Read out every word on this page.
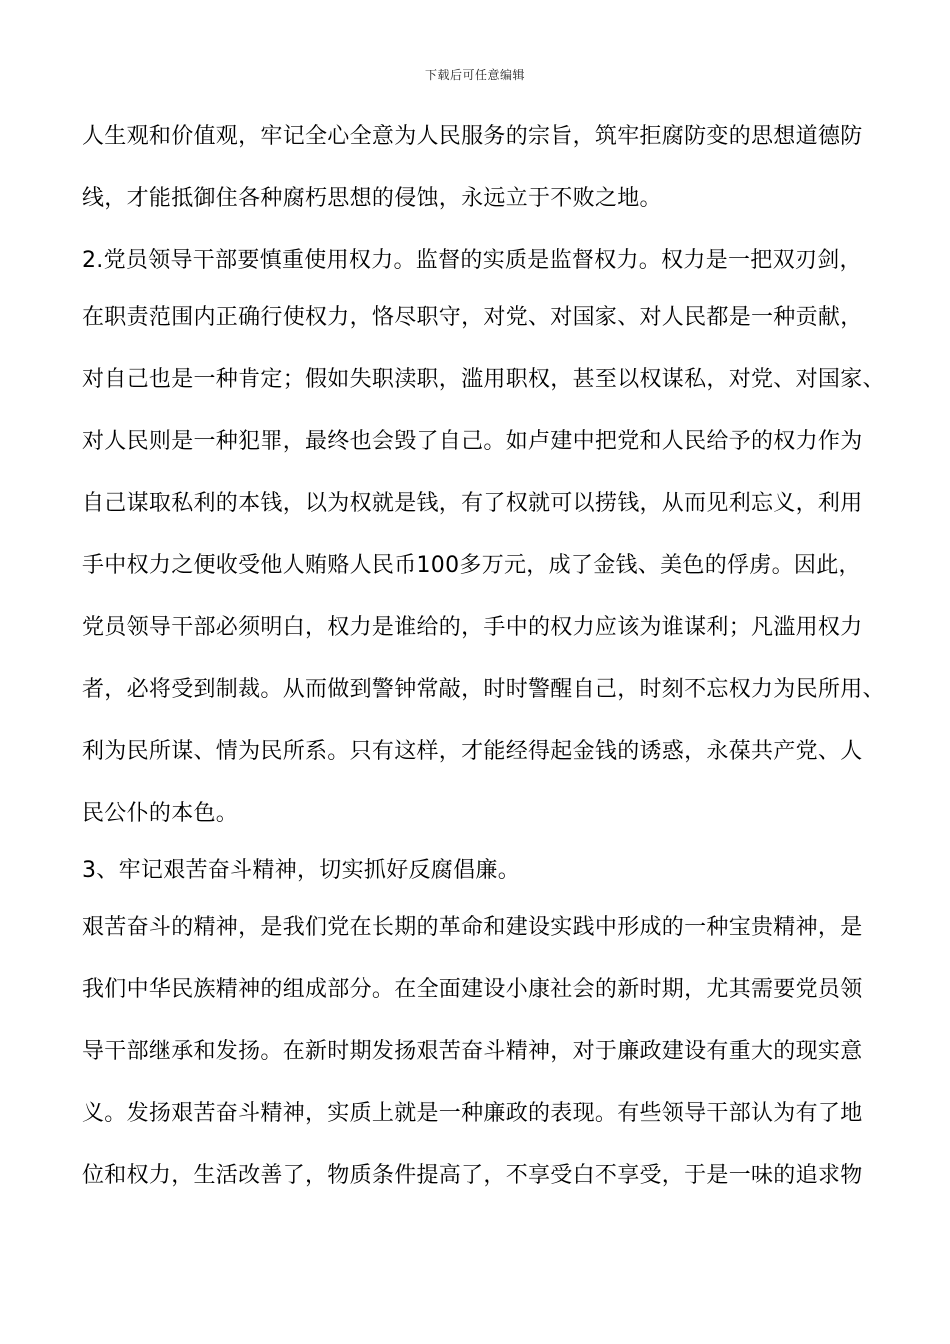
下载后可任意编辑
人生观和价值观，牢记全心全意为人民服务的宗旨，筑牢拒腐防变的思想道德防
线，才能抵御住各种腐朽思想的侵蚀，永远立于不败之地。
2.党员领导干部要慎重使用权力。监督的实质是监督权力。权力是一把双刃剑，
在职责范围内正确行使权力，恪尽职守，对党、对国家、对人民都是一种贡献，
对自己也是一种肯定；假如失职渎职，滥用职权，甚至以权谋私，对党、对国家、
对人民则是一种犯罪，最终也会毁了自己。如卢建中把党和人民给予的权力作为
自己谋取私利的本钱，以为权就是钱，有了权就可以捞钱，从而见利忘义，利用
手中权力之便收受他人贿赂人民币100多万元，成了金钱、美色的俘虏。因此，
党员领导干部必须明白，权力是谁给的，手中的权力应该为谁谋利；凡滥用权力
者，必将受到制裁。从而做到警钟常敲，时时警醒自己，时刻不忘权力为民所用、
利为民所谋、情为民所系。只有这样，才能经得起金钱的诱惑，永葆共产党、人
民公仆的本色。
3、牢记艰苦奋斗精神，切实抓好反腐倡廉。
艰苦奋斗的精神，是我们党在长期的革命和建设实践中形成的一种宝贵精神，是
我们中华民族精神的组成部分。在全面建设小康社会的新时期，尤其需要党员领
导干部继承和发扬。在新时期发扬艰苦奋斗精神，对于廉政建设有重大的现实意
义。发扬艰苦奋斗精神，实质上就是一种廉政的表现。有些领导干部认为有了地
位和权力，生活改善了，物质条件提高了，不享受白不享受，于是一味的追求物
